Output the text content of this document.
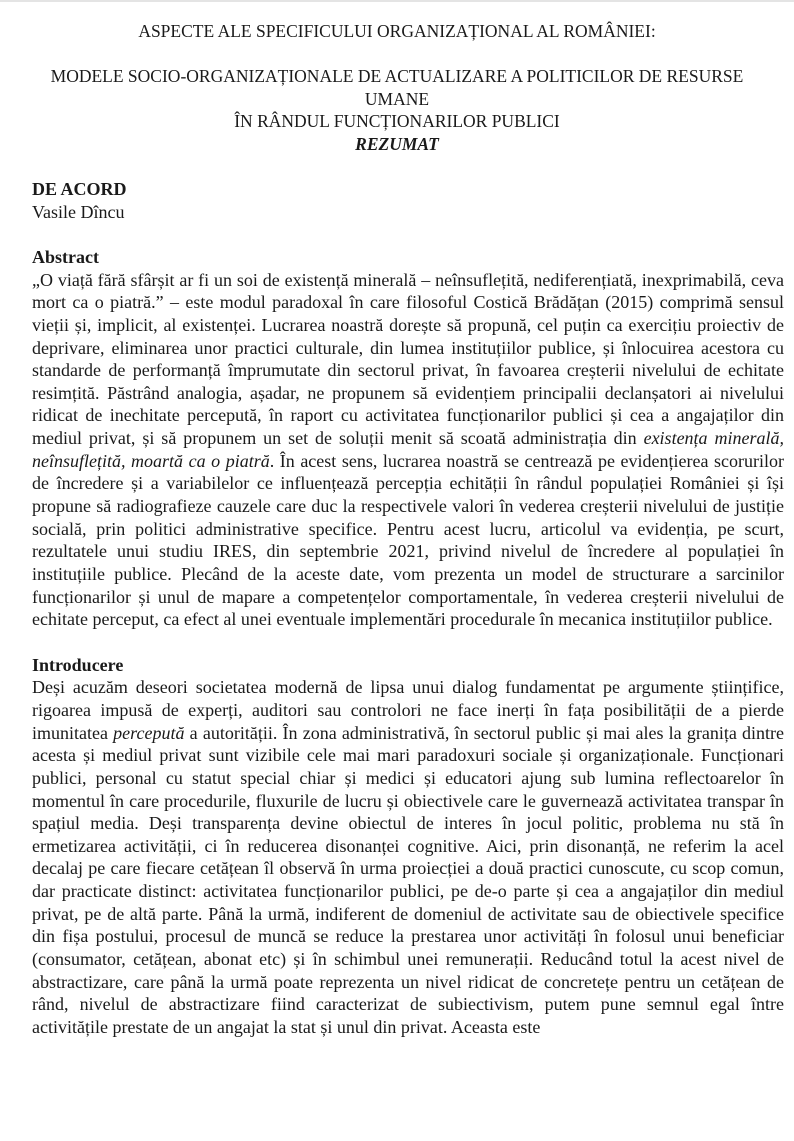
ASPECTE ALE SPECIFICULUI ORGANIZAȚIONAL AL ROMÂNIEI:
MODELE SOCIO-ORGANIZAȚIONALE DE ACTUALIZARE A POLITICILOR DE RESURSE UMANE
ÎN RÂNDUL FUNCȚIONARILOR PUBLICI
REZUMAT
DE ACORD
Vasile Dîncu
Abstract

„O viață fără sfârșit ar fi un soi de existență minerală – neînsuflețită, nediferențiată, inexprimabilă, ceva mort ca o piatră.” – este modul paradoxal în care filosoful Costică Brădățan (2015) comprimă sensul vieții și, implicit, al existenței. Lucrarea noastră dorește să propună, cel puțin ca exercițiu proiectiv de deprivare, eliminarea unor practici culturale, din lumea instituțiilor publice, și înlocuirea acestora cu standarde de performanță împrumutate din sectorul privat, în favoarea creșterii nivelului de echitate resimțită. Păstrând analogia, așadar, ne propunem să evidențiem principalii declanșatori ai nivelului ridicat de inechitate percepută, în raport cu activitatea funcționarilor publici și cea a angajaților din mediul privat, și să propunem un set de soluții menit să scoată administrația din existența minerală, neînsuflețită, moartă ca o piatră. În acest sens, lucrarea noastră se centrează pe evidențierea scorurilor de încredere și a variabilelor ce influențează percepția echității în rândul populației României și își propune să radiografieze cauzele care duc la respectivele valori în vederea creșterii nivelului de justiție socială, prin politici administrative specifice. Pentru acest lucru, articolul va evidenția, pe scurt, rezultatele unui studiu IRES, din septembrie 2021, privind nivelul de încredere al populației în instituțiile publice. Plecând de la aceste date, vom prezenta un model de structurare a sarcinilor funcționarilor și unul de mapare a competențelor comportamentale, în vederea creșterii nivelului de echitate perceput, ca efect al unei eventuale implementări procedurale în mecanica instituțiilor publice.

Introducere

Deși acuzăm deseori societatea modernă de lipsa unui dialog fundamentat pe argumente științifice, rigoarea impusă de experți, auditori sau controlori ne face inerți în fața posibilității de a pierde imunitatea percepută a autorității. În zona administrativă, în sectorul public și mai ales la granița dintre acesta și mediul privat sunt vizibile cele mai mari paradoxuri sociale și organizaționale. Funcționari publici, personal cu statut special chiar și medici și educatori ajung sub lumina reflectoarelor în momentul în care procedurile, fluxurile de lucru și obiectivele care le guvernează activitatea transpar în spațiul media. Deși transparența devine obiectul de interes în jocul politic, problema nu stă în ermetizarea activității, ci în reducerea disonanței cognitive. Aici, prin disonanță, ne referim la acel decalaj pe care fiecare cetățean îl observă în urma proiecției a două practici cunoscute, cu scop comun, dar practicate distinct: activitatea funcționarilor publici, pe de-o parte și cea a angajaților din mediul privat, pe de altă parte. Până la urmă, indiferent de domeniul de activitate sau de obiectivele specifice din fișa postului, procesul de muncă se reduce la prestarea unor activități în folosul unui beneficiar (consumator, cetățean, abonat etc) și în schimbul unei remunerații. Reducând totul la acest nivel de abstractizare, care până la urmă poate reprezenta un nivel ridicat de concretețe pentru un cetățean de rând, nivelul de abstractizare fiind caracterizat de subiectivism, putem pune semnul egal între activitățile prestate de un angajat la stat și unul din privat. Aceasta este
